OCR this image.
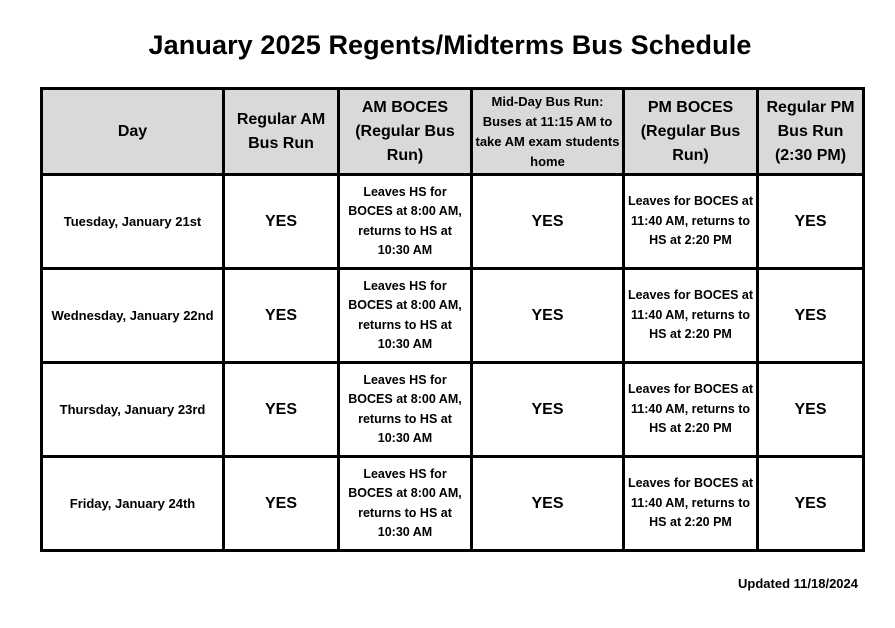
January 2025 Regents/Midterms Bus Schedule
Day	Regular AM Bus Run	AM BOCES (Regular Bus Run)	Mid-Day Bus Run: Buses at 11:15 AM to take AM exam students home	PM BOCES (Regular Bus Run)	Regular PM Bus Run (2:30 PM)
Tuesday, January 21st	YES	Leaves HS for BOCES at 8:00 AM, returns to HS at 10:30 AM	YES	Leaves for BOCES at 11:40 AM, returns to HS at 2:20 PM	YES
Wednesday, January 22nd	YES	Leaves HS for BOCES at 8:00 AM, returns to HS at 10:30 AM	YES	Leaves for BOCES at 11:40 AM, returns to HS at 2:20 PM	YES
Thursday, January 23rd	YES	Leaves HS for BOCES at 8:00 AM, returns to HS at 10:30 AM	YES	Leaves for BOCES at 11:40 AM, returns to HS at 2:20 PM	YES
Friday, January 24th	YES	Leaves HS for BOCES at 8:00 AM, returns to HS at 10:30 AM	YES	Leaves for BOCES at 11:40 AM, returns to HS at 2:20 PM	YES
Updated 11/18/2024
